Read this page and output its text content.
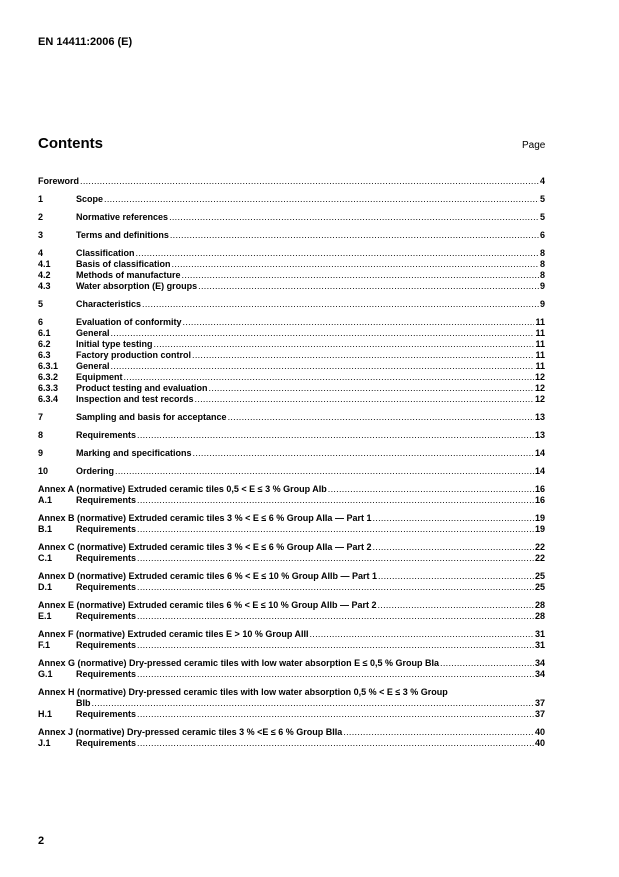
EN 14411:2006 (E)
Contents	Page
Foreword .....	4
1	Scope .....	5
2	Normative references .....	5
3	Terms and definitions .....	6
4	Classification .....	8
4.1	Basis of classification .....	8
4.2	Methods of manufacture .....	8
4.3	Water absorption (E) groups .....	9
5	Characteristics .....	9
6	Evaluation of conformity .....	11
6.1	General .....	11
6.2	Initial type testing .....	11
6.3	Factory production control .....	11
6.3.1	General .....	11
6.3.2	Equipment .....	12
6.3.3	Product testing and evaluation .....	12
6.3.4	Inspection and test records .....	12
7	Sampling and basis for acceptance .....	13
8	Requirements .....	13
9	Marking and specifications .....	14
10	Ordering .....	14
Annex A (normative) Extruded ceramic tiles 0,5 < E ≤ 3 % Group AIb .....	16
A.1	Requirements .....	16
Annex B (normative) Extruded ceramic tiles 3 % < E ≤ 6 % Group AIIa — Part 1 .....	19
B.1	Requirements .....	19
Annex C (normative) Extruded ceramic tiles 3 % < E ≤ 6 % Group AIIa — Part 2 .....	22
C.1	Requirements .....	22
Annex D (normative) Extruded ceramic tiles 6 % < E ≤ 10 % Group AIIb — Part 1 .....	25
D.1	Requirements .....	25
Annex E (normative) Extruded ceramic tiles 6 % < E ≤ 10 % Group AIIb — Part 2 .....	28
E.1	Requirements .....	28
Annex F (normative) Extruded ceramic tiles E > 10 % Group AIII .....	31
F.1	Requirements .....	31
Annex G (normative) Dry-pressed ceramic tiles with low water absorption E ≤ 0,5 % Group BIa .....	34
G.1	Requirements .....	34
Annex H (normative) Dry-pressed ceramic tiles with low water absorption 0,5 % < E ≤ 3 % Group
BIb .....	37
H.1	Requirements .....	37
Annex J (normative) Dry-pressed ceramic tiles 3 % <E ≤ 6 % Group BIIa .....	40
J.1	Requirements .....	40
2
